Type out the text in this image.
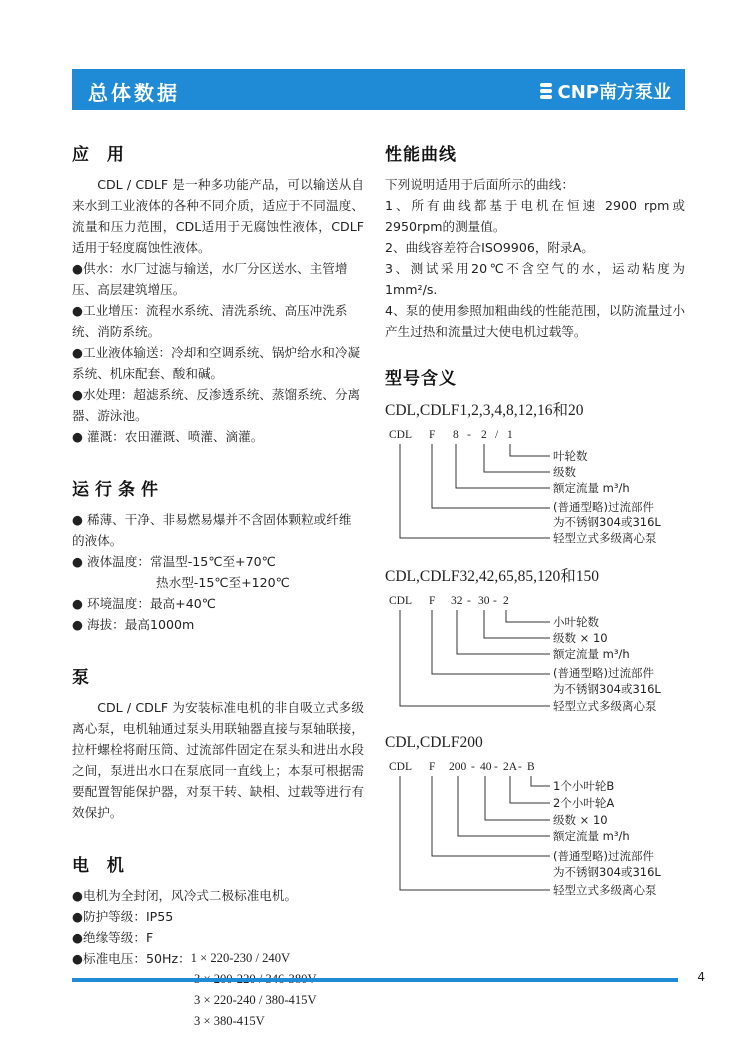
总体数据	CNP南方泵业
应 用

CDL / CDLF 是一种多功能产品，可以输送从自来水到工业液体的各种不同介质，适应于不同温度、流量和压力范围，CDL适用于无腐蚀性液体，CDLF适用于轻度腐蚀性液体。

●供水：水厂过滤与输送，水厂分区送水、主管增压、高层建筑增压。
●工业增压：流程水系统、清洗系统、高压冲洗系统、消防系统。
●工业液体输送：冷却和空调系统、锅炉给水和冷凝系统、机床配套、酸和碱。
●水处理：超滤系统、反渗透系统、蒸馏系统、分离器、游泳池。
● 灌溉：农田灌溉、喷灌、滴灌。
运行条件
● 稀薄、干净、非易燃易爆并不含固体颗粒或纤维的液体。
● 液体温度： 常温型-15℃至+70℃
热水型-15℃至+120℃
● 环境温度：最高+40℃
● 海拔：最高1000m
泵

CDL / CDLF 为安装标准电机的非自吸立式多级离心泵，电机轴通过泵头用联轴器直接与泵轴联接，拉杆螺栓将耐压筒、过流部件固定在泵头和进出水段之间，泵进出水口在泵底同一直线上；本泵可根据需要配置智能保护器，对泵干转、缺相、过载等进行有效保护。

电 机
●电机为全封闭，风冷式二极标准电机。
●防护等级：IP55
●绝缘等级：F
●标准电压：50Hz： 1 × 220-230 / 240V
3 × 220-240 / 380-415V
3 × 380-415V
性能曲线

下列说明适用于后面所示的曲线：

1、所有曲线都基于电机在恒速 2900 rpm或2950rpm的测量值。

2、曲线容差符合ISO9906，附录A。

3、测试采用20℃不含空气的水，运动粘度为1mm²/s.

4、泵的使用参照加粗曲线的性能范围，以防流量过小产生过热和流量过大使电机过载等。

型号含义
CDL,CDLF1,2,3,4,8,12,16和20
CDL F 8 - 2 / 1
叶轮数
级数
额定流量 m³/h
(普通型略)过流部件
为不锈钢304或316L
轻型立式多级离心泵
CDL,CDLF32,42,65,85,120和150
CDL F 32 - 30 - 2
小叶轮数
级数 × 10
额定流量 m³/h
(普通型略)过流部件
为不锈钢304或316L
轻型立式多级离心泵
CDL,CDLF200
CDL F 200 - 40 - 2A - B
1个小叶轮B
2个小叶轮A
级数 × 10
额定流量 m³/h
(普通型略)过流部件
为不锈钢304或316L
轻型立式多级离心泵
4
